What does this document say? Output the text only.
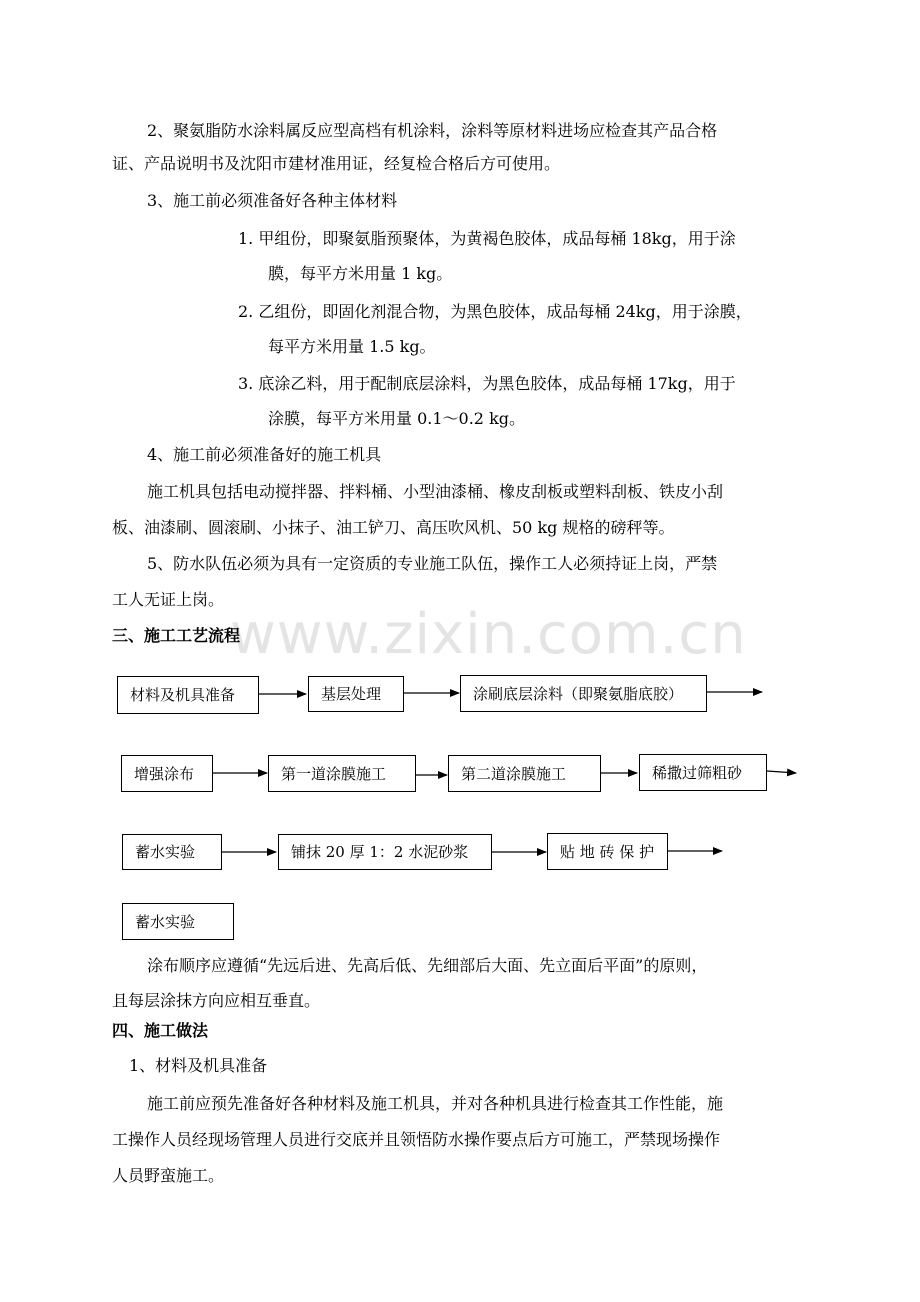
www.zixin.com.cn
2、聚氨脂防水涂料属反应型高档有机涂料，涂料等原材料进场应检查其产品合格
证、产品说明书及沈阳市建材准用证，经复检合格后方可使用。
3、施工前必须准备好各种主体材料
1. 甲组份，即聚氨脂预聚体，为黄褐色胶体，成品每桶 18kg，用于涂
膜，每平方米用量 1 kg。
2. 乙组份，即固化剂混合物，为黑色胶体，成品每桶 24kg，用于涂膜，
每平方米用量 1.5 kg。
3. 底涂乙料，用于配制底层涂料，为黑色胶体，成品每桶 17kg，用于
涂膜，每平方米用量 0.1～0.2 kg。
4、施工前必须准备好的施工机具
施工机具包括电动搅拌器、拌料桶、小型油漆桶、橡皮刮板或塑料刮板、铁皮小刮
板、油漆刷、圆滚刷、小抹子、油工铲刀、高压吹风机、50 kg 规格的磅秤等。
5、防水队伍必须为具有一定资质的专业施工队伍，操作工人必须持证上岗，严禁
工人无证上岗。
三、施工工艺流程
材料及机具准备	基层处理	涂刷底层涂料（即聚氨脂底胶）
增强涂布	第一道涂膜施工	第二道涂膜施工	稀撒过筛粗砂
蓄水实验	铺抹 20 厚 1：2 水泥砂浆	贴 地 砖 保 护
蓄水实验
涂布顺序应遵循“先远后进、先高后低、先细部后大面、先立面后平面”的原则，
且每层涂抹方向应相互垂直。
四、施工做法
1、材料及机具准备
施工前应预先准备好各种材料及施工机具，并对各种机具进行检查其工作性能，施
工操作人员经现场管理人员进行交底并且领悟防水操作要点后方可施工，严禁现场操作
人员野蛮施工。
